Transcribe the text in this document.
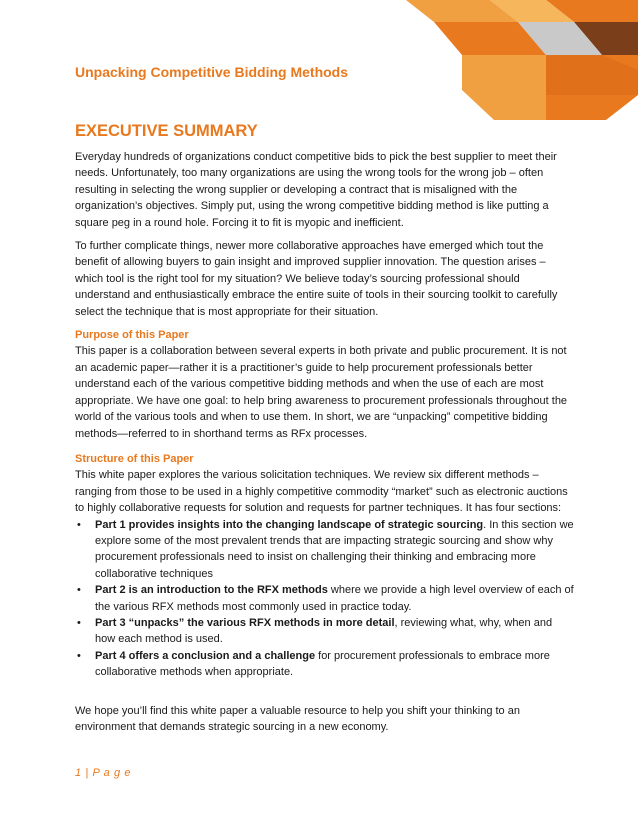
Unpacking Competitive Bidding Methods
EXECUTIVE SUMMARY

Everyday hundreds of organizations conduct competitive bids to pick the best supplier to meet their needs. Unfortunately, too many organizations are using the wrong tools for the wrong job – often resulting in selecting the wrong supplier or developing a contract that is misaligned with the organization’s objectives. Simply put, using the wrong competitive bidding method is like putting a square peg in a round hole. Forcing it to fit is myopic and inefficient.

To further complicate things, newer more collaborative approaches have emerged which tout the benefit of allowing buyers to gain insight and improved supplier innovation. The question arises – which tool is the right tool for my situation? We believe today’s sourcing professional should understand and enthusiastically embrace the entire suite of tools in their sourcing toolkit to carefully select the technique that is most appropriate for their situation.

Purpose of this Paper

This paper is a collaboration between several experts in both private and public procurement. It is not an academic paper—rather it is a practitioner’s guide to help procurement professionals better understand each of the various competitive bidding methods and when the use of each are most appropriate. We have one goal: to help bring awareness to procurement professionals throughout the world of the various tools and when to use them. In short, we are “unpacking” competitive bidding methods—referred to in shorthand terms as RFx processes.

Structure of this Paper

This white paper explores the various solicitation techniques. We review six different methods – ranging from those to be used in a highly competitive commodity “market” such as electronic auctions to highly collaborative requests for solution and requests for partner techniques. It has four sections:

• Part 1 provides insights into the changing landscape of strategic sourcing. In this section we explore some of the most prevalent trends that are impacting strategic sourcing and show why procurement professionals need to insist on challenging their thinking and embracing more collaborative techniques
• Part 2 is an introduction to the RFX methods where we provide a high level overview of each of the various RFX methods most commonly used in practice today.
• Part 3 “unpacks” the various RFX methods in more detail, reviewing what, why, when and how each method is used.
• Part 4 offers a conclusion and a challenge for procurement professionals to embrace more collaborative methods when appropriate.

We hope you’ll find this white paper a valuable resource to help you shift your thinking to an environment that demands strategic sourcing in a new economy.

1 | P a g e
